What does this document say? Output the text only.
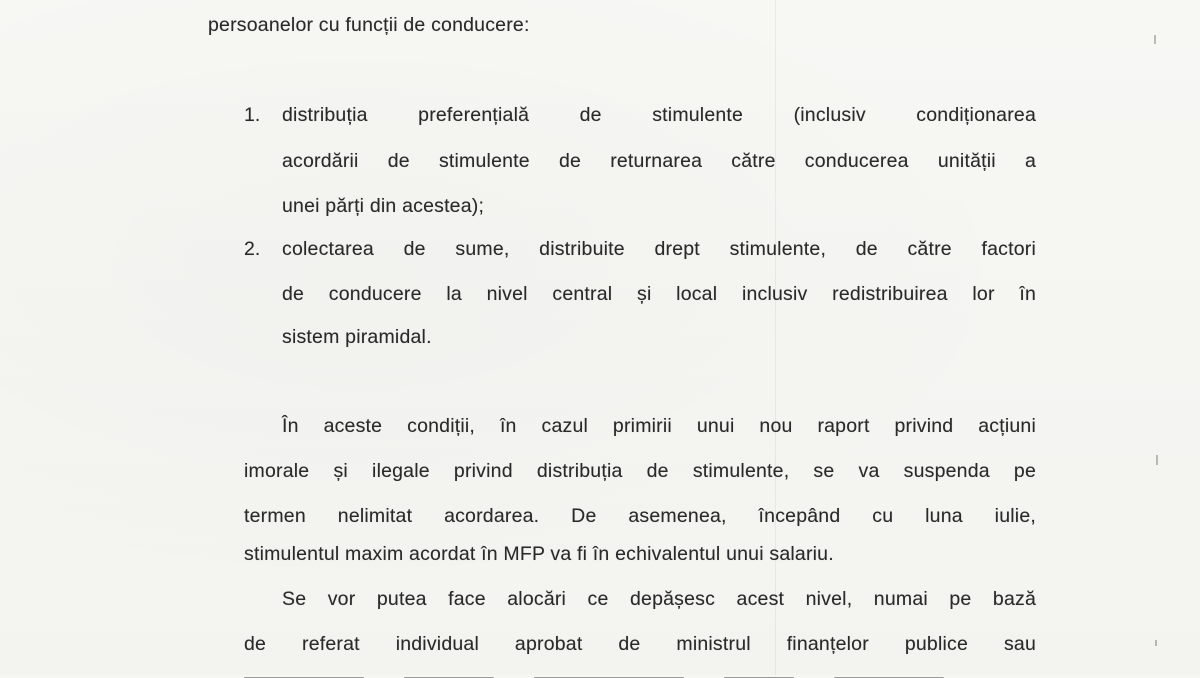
persoanelor cu funcții de conducere:
1. distribuția preferențială de stimulente (inclusiv condiționarea
acordării de stimulente de returnarea către conducerea unității a
unei părți din acestea);
2. colectarea de sume, distribuite drept stimulente, de către factori
de conducere la nivel central și local inclusiv redistribuirea lor în
sistem piramidal.
În aceste condiții, în cazul primirii unui nou raport privind acțiuni
imorale și ilegale privind distribuția de stimulente, se va suspenda pe
termen nelimitat acordarea. De asemenea, începând cu luna iulie,
stimulentul maxim acordat în MFP va fi în echivalentul unui salariu.
Se vor putea face alocări ce depășesc acest nivel, numai pe bază
de referat individual aprobat de ministrul finanțelor publice sau
